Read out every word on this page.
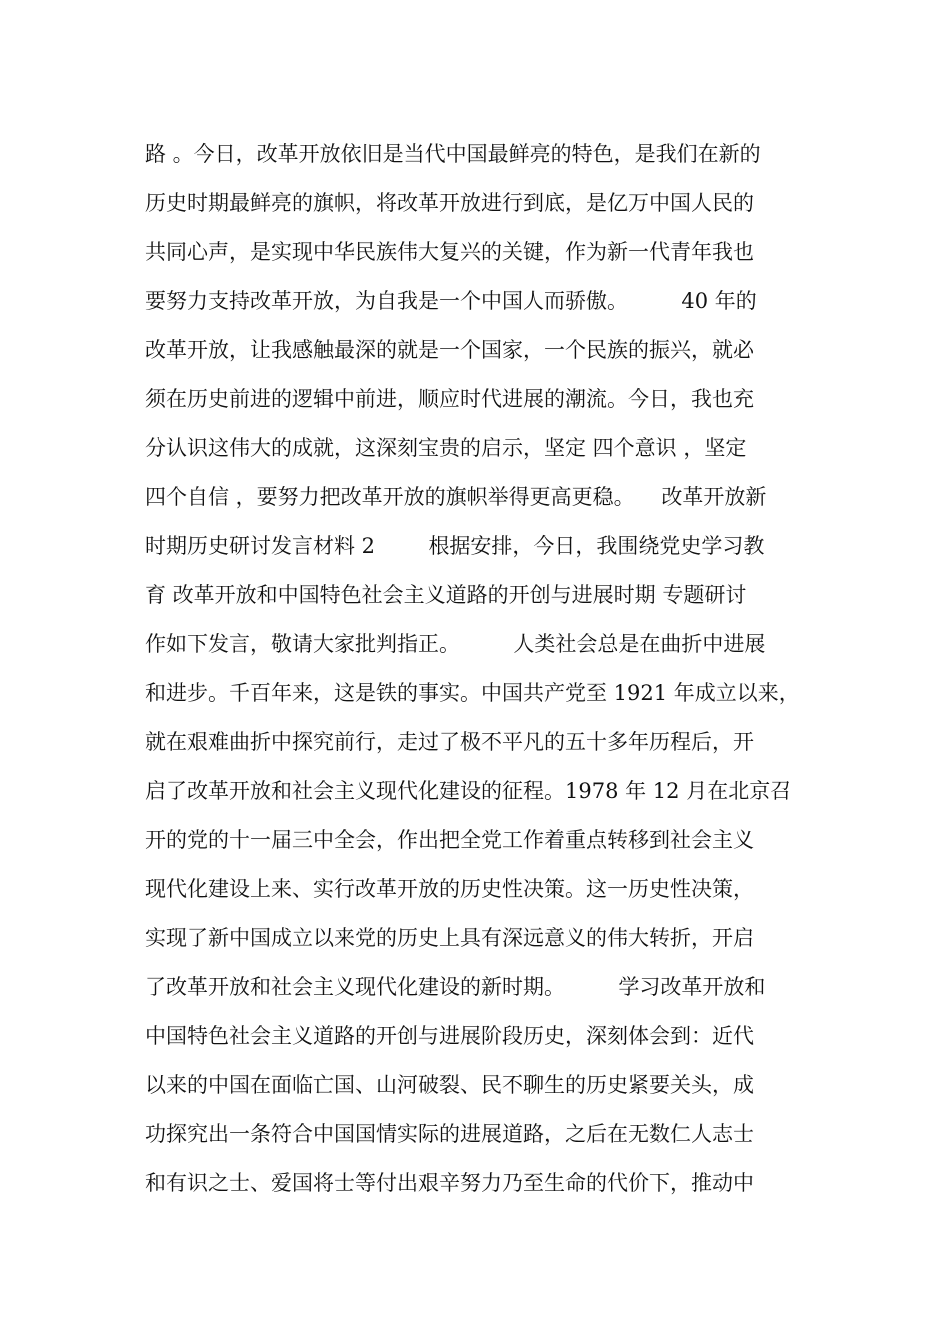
路 。今日，改革开放依旧是当代中国最鲜亮的特色，是我们在新的
历史时期最鲜亮的旗帜，将改革开放进行到底，是亿万中国人民的
共同心声，是实现中华民族伟大复兴的关键，作为新一代青年我也
要努力支持改革开放，为自我是一个中国人而骄傲。        40 年的
改革开放，让我感触最深的就是一个国家，一个民族的振兴，就必
须在历史前进的逻辑中前进，顺应时代进展的潮流。今日，我也充
分认识这伟大的成就，这深刻宝贵的启示，坚定 四个意识 ，坚定
四个自信 ，要努力把改革开放的旗帜举得更高更稳。    改革开放新
时期历史研讨发言材料 2        根据安排，今日，我围绕党史学习教
育 改革开放和中国特色社会主义道路的开创与进展时期 专题研讨
作如下发言，敬请大家批判指正。        人类社会总是在曲折中进展
和进步。千百年来，这是铁的事实。中国共产党至 1921 年成立以来，
就在艰难曲折中探究前行，走过了极不平凡的五十多年历程后，开
启了改革开放和社会主义现代化建设的征程。1978 年 12 月在北京召
开的党的十一届三中全会，作出把全党工作着重点转移到社会主义
现代化建设上来、实行改革开放的历史性决策。这一历史性决策，
实现了新中国成立以来党的历史上具有深远意义的伟大转折，开启
了改革开放和社会主义现代化建设的新时期。        学习改革开放和
中国特色社会主义道路的开创与进展阶段历史，深刻体会到：近代
以来的中国在面临亡国、山河破裂、民不聊生的历史紧要关头，成
功探究出一条符合中国国情实际的进展道路，之后在无数仁人志士
和有识之士、爱国将士等付出艰辛努力乃至生命的代价下，推动中
